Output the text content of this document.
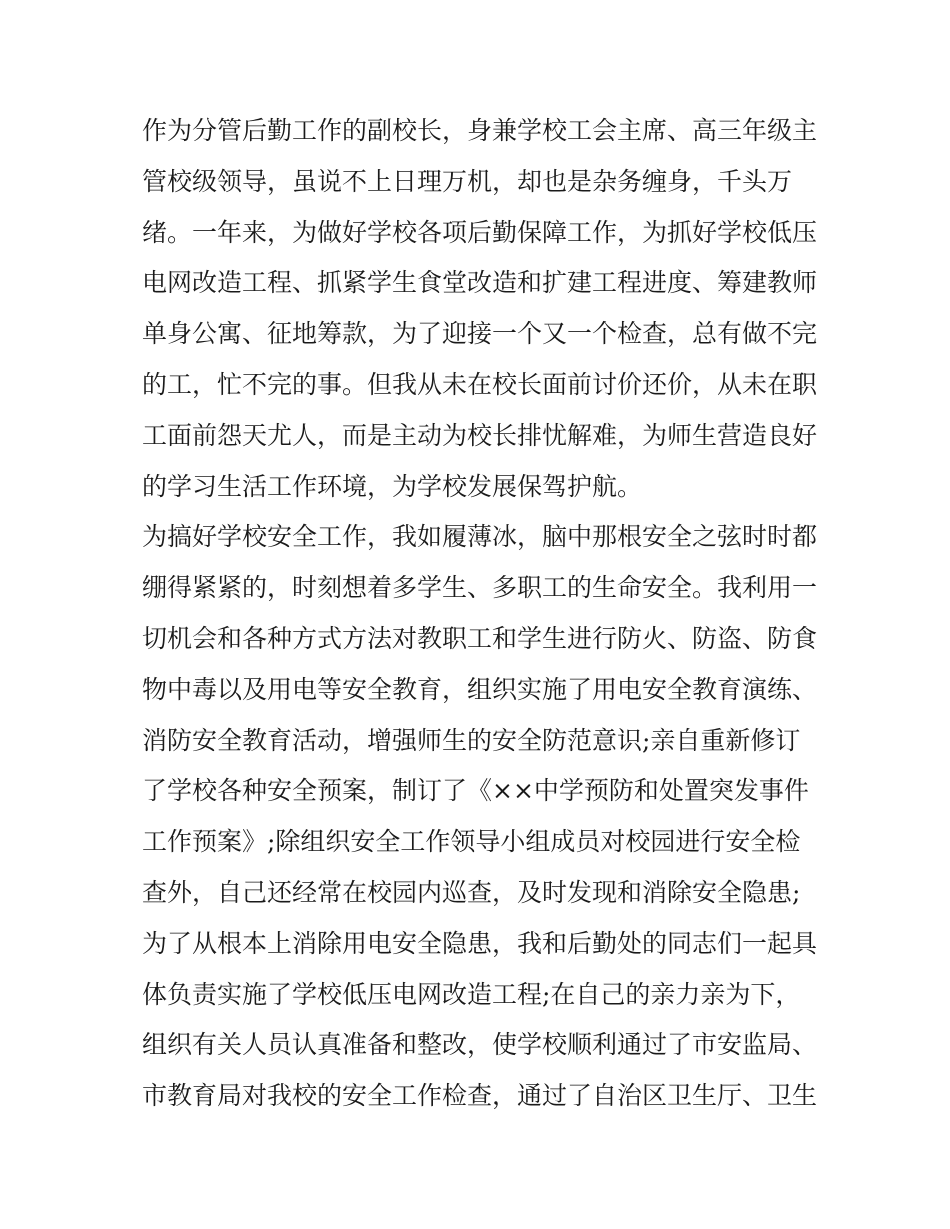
作为分管后勤工作的副校长，身兼学校工会主席、高三年级主
管校级领导，虽说不上日理万机，却也是杂务缠身，千头万
绪。一年来，为做好学校各项后勤保障工作，为抓好学校低压
电网改造工程、抓紧学生食堂改造和扩建工程进度、筹建教师
单身公寓、征地筹款，为了迎接一个又一个检查，总有做不完
的工，忙不完的事。但我从未在校长面前讨价还价，从未在职
工面前怨天尤人，而是主动为校长排忧解难，为师生营造良好
的学习生活工作环境，为学校发展保驾护航。
为搞好学校安全工作，我如履薄冰，脑中那根安全之弦时时都
绷得紧紧的，时刻想着多学生、多职工的生命安全。我利用一
切机会和各种方式方法对教职工和学生进行防火、防盗、防食
物中毒以及用电等安全教育，组织实施了用电安全教育演练、
消防安全教育活动，增强师生的安全防范意识;亲自重新修订
了学校各种安全预案，制订了《××中学预防和处置突发事件
工作预案》;除组织安全工作领导小组成员对校园进行安全检
查外，自己还经常在校园内巡查，及时发现和消除安全隐患;
为了从根本上消除用电安全隐患，我和后勤处的同志们一起具
体负责实施了学校低压电网改造工程;在自己的亲力亲为下，
组织有关人员认真准备和整改，使学校顺利通过了市安监局、
市教育局对我校的安全工作检查，通过了自治区卫生厅、卫生
